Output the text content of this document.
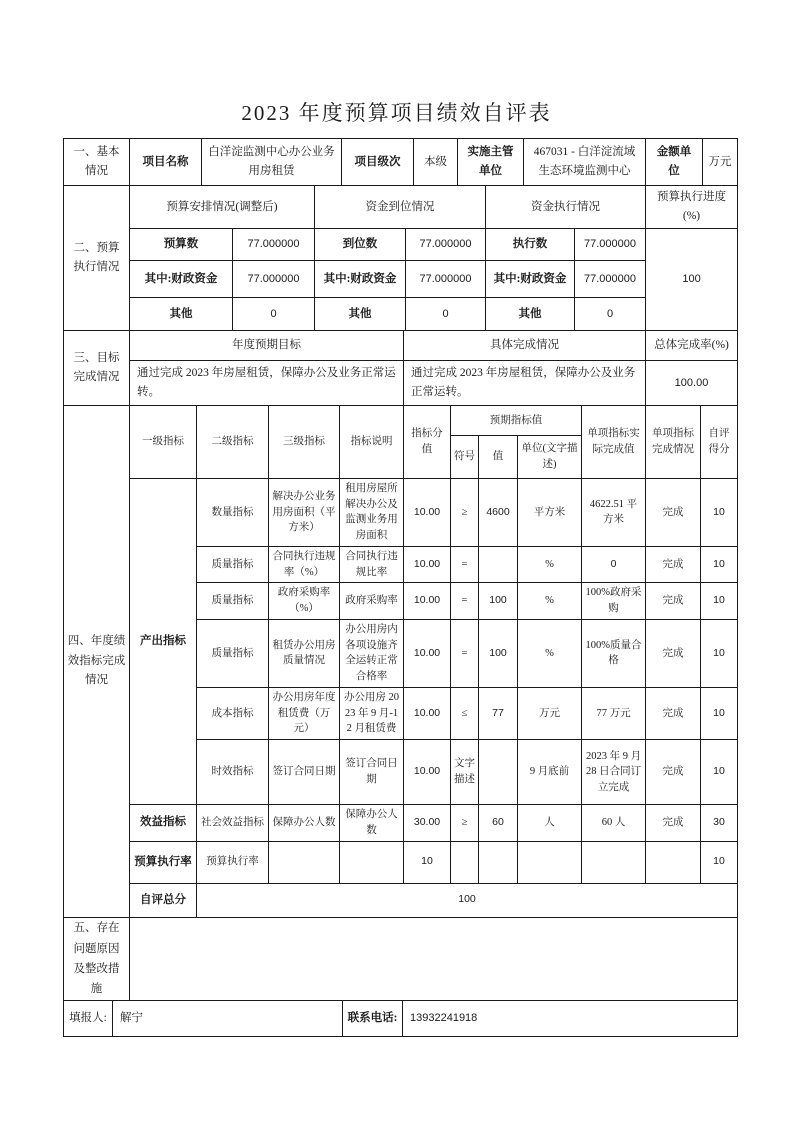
2023 年度预算项目绩效自评表
一、基本情况	项目名称	白洋淀监测中心办公业务用房租赁	项目级次	本级	实施主管单位	467031 - 白洋淀流域生态环境监测中心	金额单位	万元
二、预算执行情况	预算安排情况(调整后)		资金到位情况		资金执行情况		预算执行进度 (%)
	预算数	77.000000	到位数	77.000000	执行数	77.000000	100
	其中:财政资金	77.000000	其中:财政资金	77.000000	其中:财政资金	77.000000	
	其他	0	其他	0	其他	0	
三、目标完成情况	年度预期目标	具体完成情况	总体完成率(%)
	通过完成 2023 年房屋租赁，保障办公及业务正常运转。	通过完成 2023 年房屋租赁，保障办公及业务正常运转。	100.00
四、年度绩效指标完成情况	一级指标	二级指标	三级指标	指标说明	指标分值	预期指标值			单项指标实际完成值	单项指标完成情况	自评得分
						符号	值	单位(文字描述)			
	产出指标	数量指标	解决办公业务用房面积（平方米）	租用房屋所解决办公及监测业务用房面积	10.00	≥	4600	平方米	4622.51 平方米	完成	10
		质量指标	合同执行违规率（%）	合同执行违规比率	10.00	=		%	0	完成	10
		质量指标	政府采购率（%）	政府采购率	10.00	=	100	%	100%政府采购	完成	10
		质量指标	租赁办公用房质量情况	办公用房内各项设施齐全运转正常合格率	10.00	=	100	%	100%质量合格	完成	10
		成本指标	办公用房年度租赁费（万元）	办公用房 2023 年 9 月-12 月租赁费	10.00	≤	77	万元	77 万元	完成	10
		时效指标	签订合同日期	签订合同日期	10.00	文字描述		9 月底前	2023 年 9 月 28 日合同订立完成	完成	10
	效益指标	社会效益指标	保障办公人数	保障办公人数	30.00	≥	60	人	60 人	完成	30
	预算执行率	预算执行率			10						10
	自评总分	100									
五、存在问题原因及整改措施	
填报人:	解宁	联系电话:	13932241918
